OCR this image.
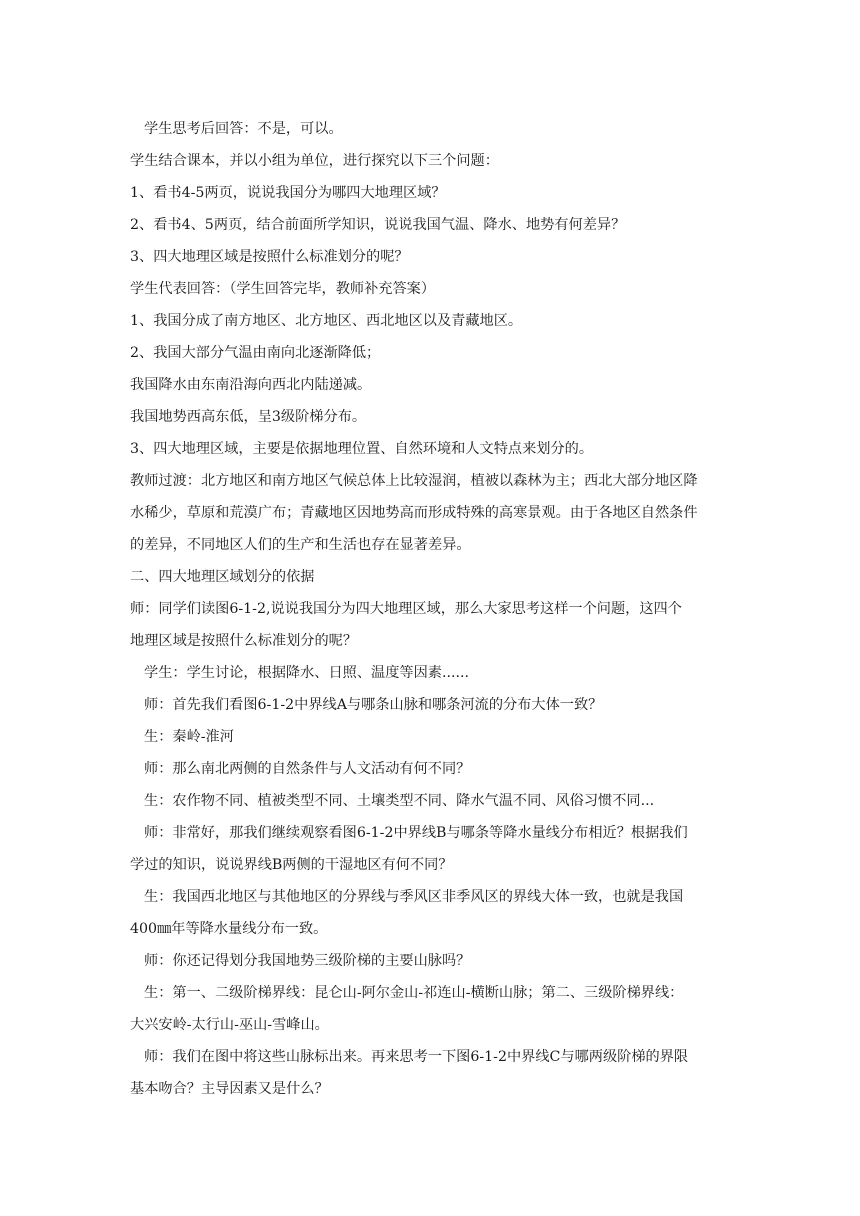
学生思考后回答：不是，可以。
学生结合课本，并以小组为单位，进行探究以下三个问题：
1、看书4-5两页，说说我国分为哪四大地理区域？
2、看书4、5两页，结合前面所学知识，说说我国气温、降水、地势有何差异？
3、四大地理区域是按照什么标准划分的呢？
学生代表回答：（学生回答完毕，教师补充答案）
1、我国分成了南方地区、北方地区、西北地区以及青藏地区。
2、我国大部分气温由南向北逐渐降低；
我国降水由东南沿海向西北内陆递减。
我国地势西高东低，呈3级阶梯分布。
3、四大地理区域，主要是依据地理位置、自然环境和人文特点来划分的。
教师过渡：北方地区和南方地区气候总体上比较湿润，植被以森林为主；西北大部分地区降
水稀少，草原和荒漠广布；青藏地区因地势高而形成特殊的高寒景观。由于各地区自然条件
的差异，不同地区人们的生产和生活也存在显著差异。
二、四大地理区域划分的依据
师：同学们读图6-1-2,说说我国分为四大地理区域，那么大家思考这样一个问题，这四个
地理区域是按照什么标准划分的呢？
学生：学生讨论，根据降水、日照、温度等因素......
师：首先我们看图6-1-2中界线A与哪条山脉和哪条河流的分布大体一致？
生：秦岭-淮河
师：那么南北两侧的自然条件与人文活动有何不同？
生：农作物不同、植被类型不同、土壤类型不同、降水气温不同、风俗习惯不同...
师：非常好，那我们继续观察看图6-1-2中界线B与哪条等降水量线分布相近？根据我们
学过的知识，说说界线B两侧的干湿地区有何不同？
生：我国西北地区与其他地区的分界线与季风区非季风区的界线大体一致，也就是我国
400㎜年等降水量线分布一致。
师：你还记得划分我国地势三级阶梯的主要山脉吗？
生：第一、二级阶梯界线：昆仑山-阿尔金山-祁连山-横断山脉；第二、三级阶梯界线：
大兴安岭-太行山-巫山-雪峰山。
师：我们在图中将这些山脉标出来。再来思考一下图6-1-2中界线C与哪两级阶梯的界限
基本吻合？主导因素又是什么？
